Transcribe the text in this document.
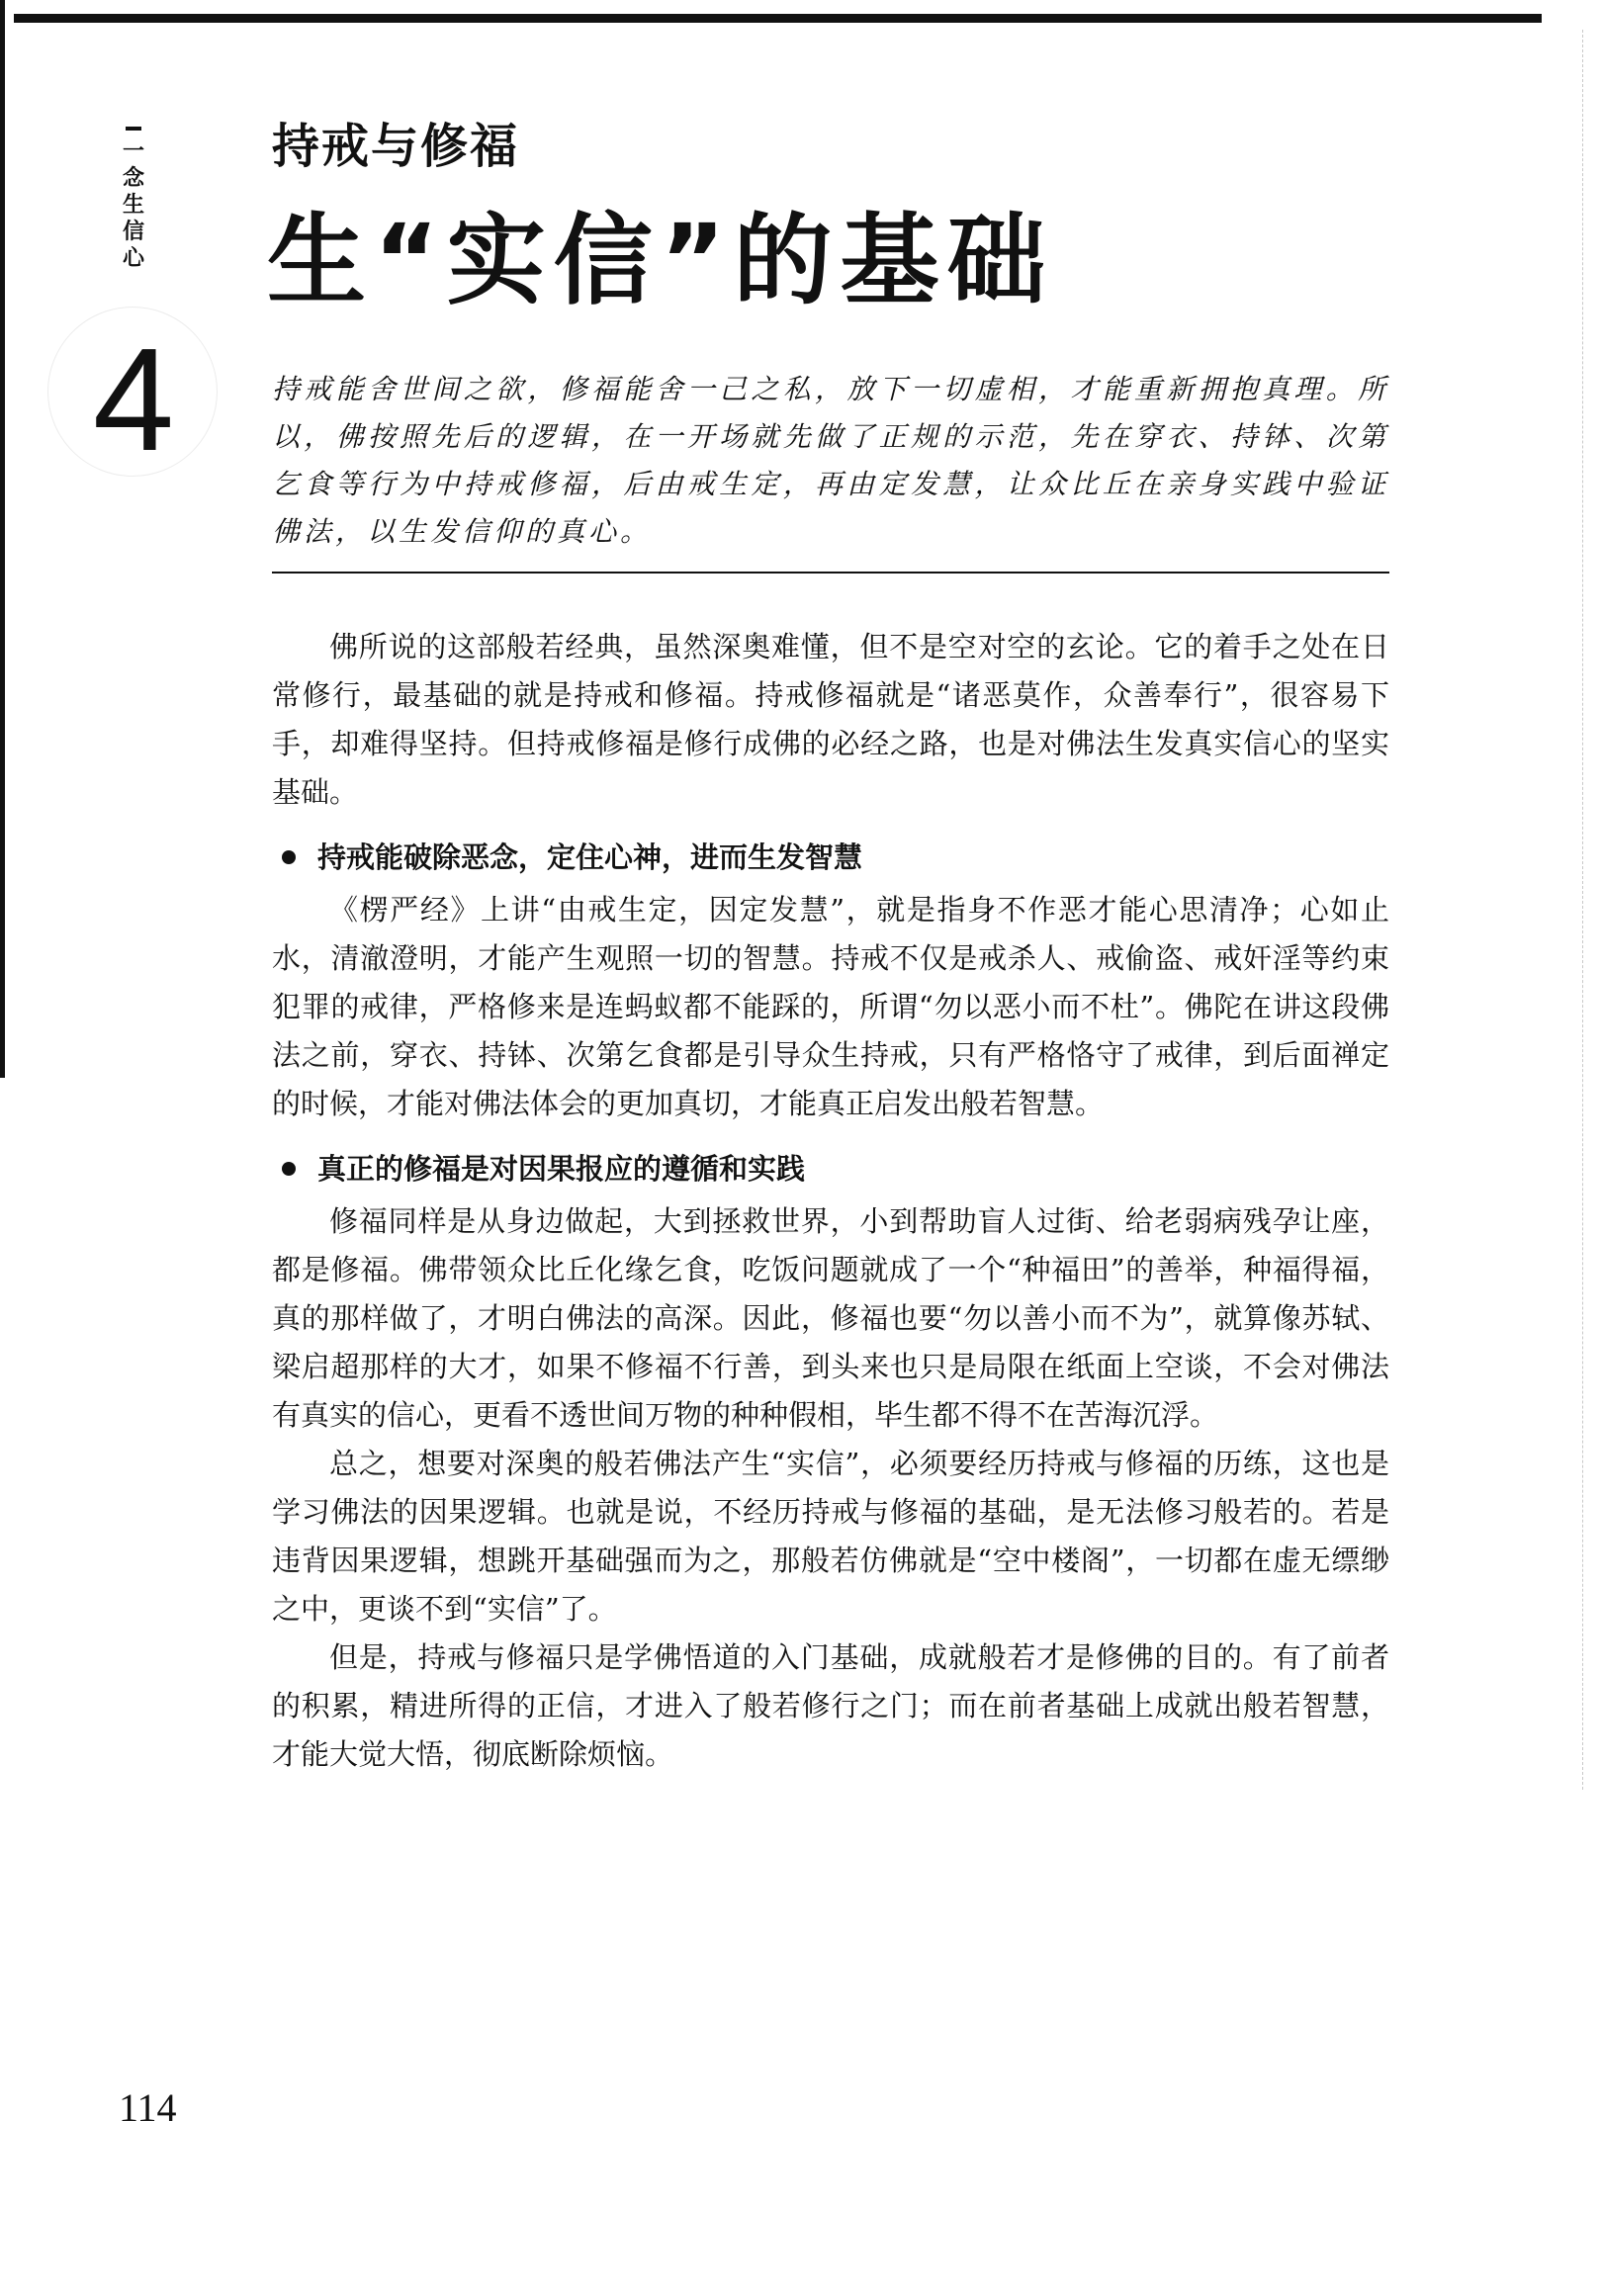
一念生信心
4
持戒与修福
生“实信”的基础
持戒能舍世间之欲，修福能舍一己之私，放下一切虚相，才能重新拥抱真理。所以，佛按照先后的逻辑，在一开场就先做了正规的示范，先在穿衣、持钵、次第乞食等行为中持戒修福，后由戒生定，再由定发慧，让众比丘在亲身实践中验证佛法，以生发信仰的真心。

佛所说的这部般若经典，虽然深奥难懂，但不是空对空的玄论。它的着手之处在日常修行，最基础的就是持戒和修福。持戒修福就是“诸恶莫作，众善奉行”，很容易下手，却难得坚持。但持戒修福是修行成佛的必经之路，也是对佛法生发真实信心的坚实基础。

持戒能破除恶念，定住心神，进而生发智慧

《楞严经》上讲“由戒生定，因定发慧”，就是指身不作恶才能心思清净；心如止水，清澈澄明，才能产生观照一切的智慧。持戒不仅是戒杀人、戒偷盗、戒奸淫等约束犯罪的戒律，严格修来是连蚂蚁都不能踩的，所谓“勿以恶小而不杜”。佛陀在讲这段佛法之前，穿衣、持钵、次第乞食都是引导众生持戒，只有严格恪守了戒律，到后面禅定的时候，才能对佛法体会的更加真切，才能真正启发出般若智慧。

真正的修福是对因果报应的遵循和实践

修福同样是从身边做起，大到拯救世界，小到帮助盲人过街、给老弱病残孕让座，都是修福。佛带领众比丘化缘乞食，吃饭问题就成了一个“种福田”的善举，种福得福，真的那样做了，才明白佛法的高深。因此，修福也要“勿以善小而不为”，就算像苏轼、梁启超那样的大才，如果不修福不行善，到头来也只是局限在纸面上空谈，不会对佛法有真实的信心，更看不透世间万物的种种假相，毕生都不得不在苦海沉浮。

总之，想要对深奥的般若佛法产生“实信”，必须要经历持戒与修福的历练，这也是学习佛法的因果逻辑。也就是说，不经历持戒与修福的基础，是无法修习般若的。若是违背因果逻辑，想跳开基础强而为之，那般若仿佛就是“空中楼阁”，一切都在虚无缥缈之中，更谈不到“实信”了。

但是，持戒与修福只是学佛悟道的入门基础，成就般若才是修佛的目的。有了前者的积累，精进所得的正信，才进入了般若修行之门；而在前者基础上成就出般若智慧，才能大觉大悟，彻底断除烦恼。

114
